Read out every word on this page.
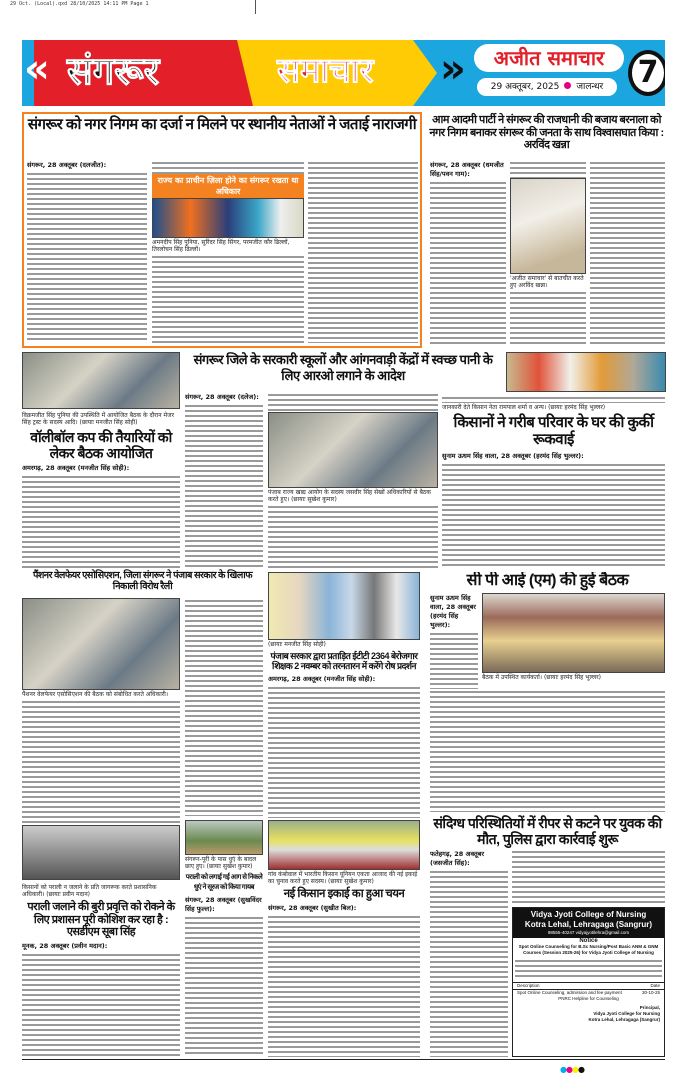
29 Oct. (Local).qxd 28/10/2025 14:11 PM Page 1
«	»
संगरूर	समाचार	अजीत समाचार
29 अक्तूबर, 2025 जालन्धर	7
संगरूर को नगर निगम का दर्जा न मिलने पर स्थानीय नेताओं ने जताई नाराजगी
संगरूर, 28 अक्तूबर (दलजीत):
राज्य का प्राचीन ज़िला होने का संगरूर रखता था अधिकार
अमनदीप सिंह पूनिया, सुरिंदर सिंह सिंगर, परमजीत कौर ढिल्लों, तिरलोचन सिंह ढिल्लों।
आम आदमी पार्टी ने संगरूर की राजधानी की बजाय बरनाला को नगर निगम बनाकर संगरूर की जनता के साथ विश्वासघात किया : अरविंद खन्ना
संगरूर, 28 अक्तूबर (धमजीत सिंह/पवन गाम):
'अजीत समाचार' से बातचीत करते हुए अरविंद खन्ना।
संगरूर जिले के सरकारी स्कूलों और आंगनवाड़ी केंद्रों में स्वच्छ पानी के लिए आरओ लगाने के आदेश
संगरूर, 28 अक्तूबर (दलेज):
पंजाब राज्य खाद्य आयोग के सदस्य जसवीर सिंह सेखों अधिकारियों से बैठक करते हुए। (छायाः सुखेश कुमार)
विक्रमजीत सिंह पूनिया की उपस्थिति में आयोजित बैठक के दौरान मेजर सिंह ट्रस्ट के सदस्य आदि। (छायाः मनजीत सिंह सोही)
वॉलीबॉल कप की तैयारियों को लेकर बैठक आयोजित
अमरगढ़, 28 अक्तूबर (मनजीत सिंह सोही):
जानकारी देते किसान नेता रामपाल शर्मा व अन्य। (छायाः हरमंद सिंह भुल्लर)
किसानों ने गरीब परिवार के घर की कुर्की रूकवाई
सुनाम ऊधम सिंह वाला, 28 अक्तूबर (हरमंद सिंह भुल्लर):
पैंशनर वेलफेयर एसोसिएशन, जिला संगरूर ने पंजाब सरकार के खिलाफ निकाली विरोध रैली
पैंशनर वेलफेयर एसोसिएशन की बैठक को संबोधित करते अधिकारी।
(छायाः मनजीत सिंह सोही)
पंजाब सरकार द्वारा प्रताड़ित ईटीटी 2364 बेरोजगार शिक्षक 2 नवम्बर को तरनतारन में करेंगे रोष प्रदर्शन
अमरगढ़, 28 अक्तूबर (मनजीत सिंह सोही):
सी पी आई (एम) की हुई बैठक
सुनाम ऊधम सिंह वाला, 28 अक्तूबर (हरमंद सिंह भुल्लर):
बैठक में उपस्थित कार्यकर्ता। (छायाः हरमंद सिंह भुल्लर)
संदिग्ध परिस्थितियों में रीपर से कटने पर युवक की मौत, पुलिस द्वारा कार्रवाई शुरू
फतेहगढ़, 28 अक्तूबर (जसजीत सिंह):
Vidya Jyoti College of Nursing
Kotra Lehal, Lehragaga (Sangrur)
98555-40247 vidyajyotilehra@gmail.com
Notice
Spot Online Counseling for B.Sc Nursing/Post Basic ANM & GNM Courses (Session 2025-26) for Vidya Jyoti College of Nursing
Description	Date
Spot Online Counseling, admission and fee payment	30-10-25
PNRC Helpline for Counseling
Principal,
Vidya Jyoti College for Nursing
Kotra Lehal, Lehragaga (Sangrur)
किसानों को पराली न जलाने के प्रति जागरूक करते प्रशासनिक अधिकारी। (छायाः प्रवीन मदान)
पराली जलाने की बुरी प्रवृत्ति को रोकने के लिए प्रशासन पूरी कोशिश कर रहा है : एसडीएम सूबा सिंह
मूनक, 28 अक्तूबर (प्रवीन मदान):
संगरूर-पूरी के पास धुएं के बादल छाए हुए। (छायाः सुखेश कुमार)
पराली को लगाई गई आग से निकले धुएं ने सूरज को किया गायब
संगरूर, 28 अक्तूबर (सुखविंदर सिंह फुल्ल):
गांव कंबोवाल में भारतीय किसान यूनियन एकता आजाद की नई इकाई का चुनाव करते हुए सदस्य। (छायाः सुखेश कुमार)
नई किसान इकाई का हुआ चयन
संगरूर, 28 अक्तूबर (सुखीत बिल):
●●●●
